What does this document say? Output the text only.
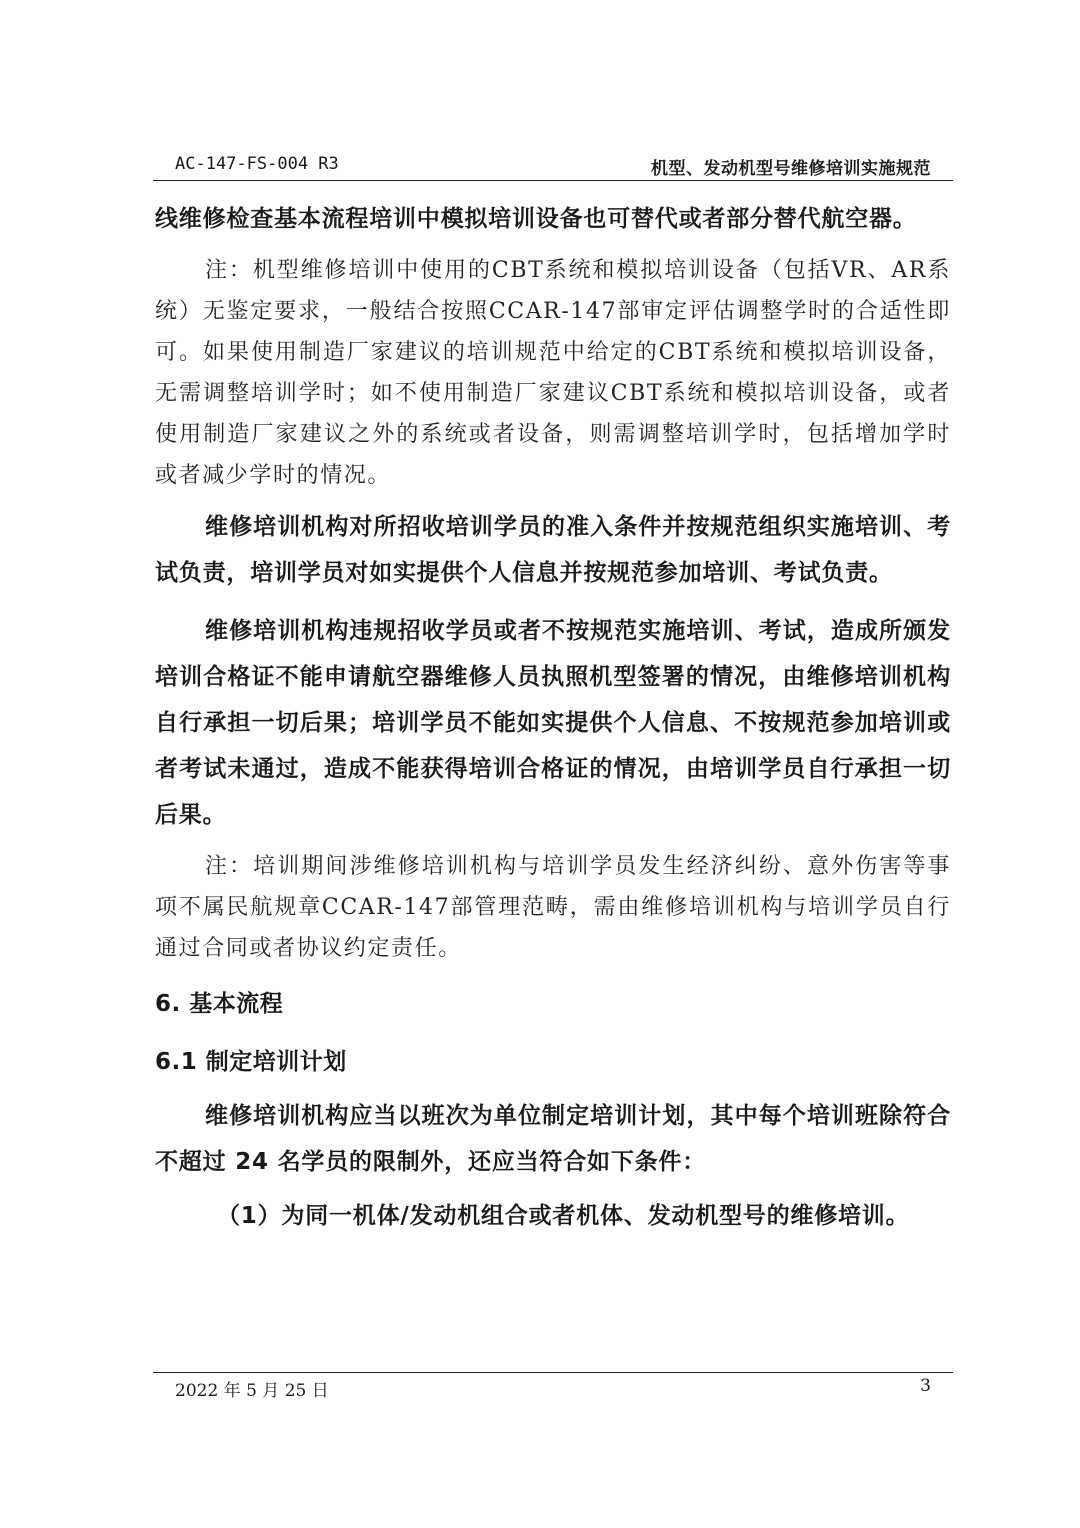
AC-147-FS-004 R3	机型、发动机型号维修培训实施规范

线维修检查基本流程培训中模拟培训设备也可替代或者部分替代航空器。

注：机型维修培训中使用的CBT系统和模拟培训设备（包括VR、AR系统）无鉴定要求，一般结合按照CCAR-147部审定评估调整学时的合适性即可。如果使用制造厂家建议的培训规范中给定的CBT系统和模拟培训设备，无需调整培训学时；如不使用制造厂家建议CBT系统和模拟培训设备，或者使用制造厂家建议之外的系统或者设备，则需调整培训学时，包括增加学时或者减少学时的情况。

维修培训机构对所招收培训学员的准入条件并按规范组织实施培训、考试负责，培训学员对如实提供个人信息并按规范参加培训、考试负责。

维修培训机构违规招收学员或者不按规范实施培训、考试，造成所颁发培训合格证不能申请航空器维修人员执照机型签署的情况，由维修培训机构自行承担一切后果；培训学员不能如实提供个人信息、不按规范参加培训或者考试未通过，造成不能获得培训合格证的情况，由培训学员自行承担一切后果。

注：培训期间涉维修培训机构与培训学员发生经济纠纷、意外伤害等事项不属民航规章CCAR-147部管理范畴，需由维修培训机构与培训学员自行通过合同或者协议约定责任。

6. 基本流程

6.1 制定培训计划

维修培训机构应当以班次为单位制定培训计划，其中每个培训班除符合不超过 24 名学员的限制外，还应当符合如下条件：

（1）为同一机体/发动机组合或者机体、发动机型号的维修培训。

2022 年 5 月 25 日	3
